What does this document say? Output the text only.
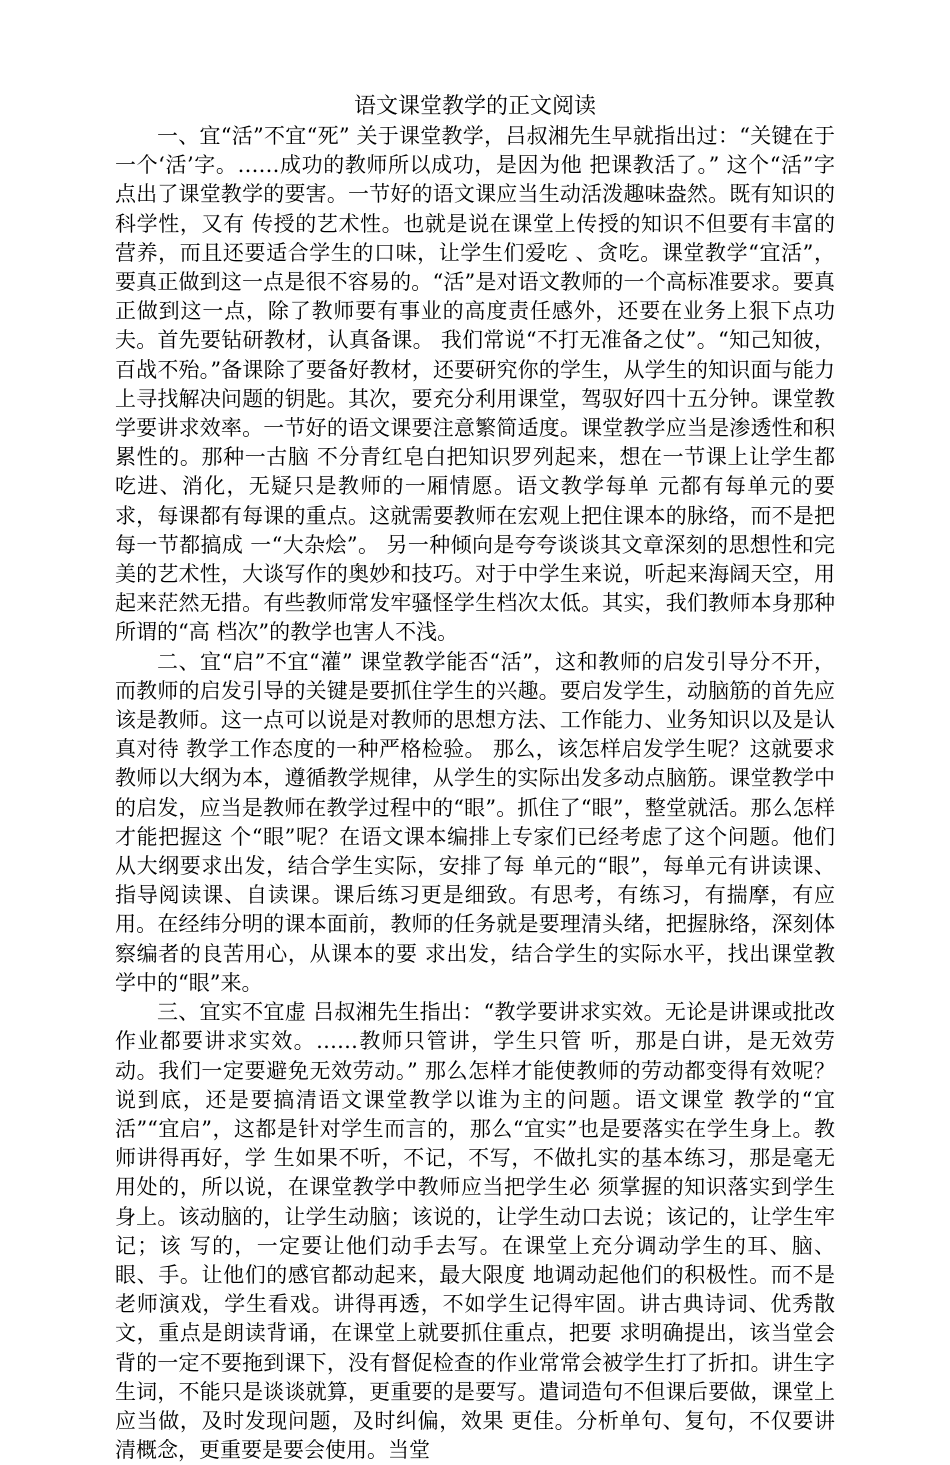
语文课堂教学的正文阅读

一、宜“活”不宜“死” 关于课堂教学，吕叔湘先生早就指出过：“关键在于一个‘活’字。……成功的教师所以成功，是因为他 把课教活了。” 这个“活”字点出了课堂教学的要害。一节好的语文课应当生动活泼趣味盎然。既有知识的科学性，又有 传授的艺术性。也就是说在课堂上传授的知识不但要有丰富的营养，而且还要适合学生的口味，让学生们爱吃 、贪吃。课堂教学“宜活”，要真正做到这一点是很不容易的。“活”是对语文教师的一个高标准要求。要真 正做到这一点，除了教师要有事业的高度责任感外，还要在业务上狠下点功夫。首先要钻研教材，认真备课。 我们常说“不打无准备之仗”。“知己知彼，百战不殆。”备课除了要备好教材，还要研究你的学生，从学生的知识面与能力上寻找解决问题的钥匙。其次，要充分利用课堂，驾驭好四十五分钟。课堂教学要讲求效率。一节好的语文课要注意繁简适度。课堂教学应当是渗透性和积累性的。那种一古脑 不分青红皂白把知识罗列起来，想在一节课上让学生都吃进、消化，无疑只是教师的一厢情愿。语文教学每单 元都有每单元的要求，每课都有每课的重点。这就需要教师在宏观上把住课本的脉络，而不是把每一节都搞成 一“大杂烩”。 另一种倾向是夸夸谈谈其文章深刻的思想性和完美的艺术性，大谈写作的奥妙和技巧。对于中学生来说，听起来海阔天空，用起来茫然无措。有些教师常发牢骚怪学生档次太低。其实，我们教师本身那种所谓的“高 档次”的教学也害人不浅。

二、宜“启”不宜“灌” 课堂教学能否“活”，这和教师的启发引导分不开，而教师的启发引导的关键是要抓住学生的兴趣。要启发学生，动脑筋的首先应该是教师。这一点可以说是对教师的思想方法、工作能力、业务知识以及是认真对待 教学工作态度的一种严格检验。 那么，该怎样启发学生呢？这就要求教师以大纲为本，遵循教学规律，从学生的实际出发多动点脑筋。课堂教学中的启发，应当是教师在教学过程中的“眼”。抓住了“眼”，整堂就活。那么怎样才能把握这 个“眼”呢？在语文课本编排上专家们已经考虑了这个问题。他们从大纲要求出发，结合学生实际，安排了每 单元的“眼”，每单元有讲读课、指导阅读课、自读课。课后练习更是细致。有思考，有练习，有揣摩，有应 用。在经纬分明的课本面前，教师的任务就是要理清头绪，把握脉络，深刻体察编者的良苦用心，从课本的要 求出发，结合学生的实际水平，找出课堂教学中的“眼”来。

三、宜实不宜虚 吕叔湘先生指出：“教学要讲求实效。无论是讲课或批改作业都要讲求实效。……教师只管讲，学生只管 听，那是白讲，是无效劳动。我们一定要避免无效劳动。” 那么怎样才能使教师的劳动都变得有效呢？说到底，还是要搞清语文课堂教学以谁为主的问题。语文课堂 教学的“宜活”“宜启”，这都是针对学生而言的，那么“宜实”也是要落实在学生身上。教师讲得再好，学 生如果不听，不记，不写，不做扎实的基本练习，那是毫无用处的，所以说，在课堂教学中教师应当把学生必 须掌握的知识落实到学生身上。该动脑的，让学生动脑；该说的，让学生动口去说；该记的，让学生牢记；该 写的，一定要让他们动手去写。在课堂上充分调动学生的耳、脑、眼、手。让他们的感官都动起来，最大限度 地调动起他们的积极性。而不是老师演戏，学生看戏。讲得再透，不如学生记得牢固。讲古典诗词、优秀散文，重点是朗读背诵，在课堂上就要抓住重点，把要 求明确提出，该当堂会背的一定不要拖到课下，没有督促检查的作业常常会被学生打了折扣。讲生字生词，不能只是谈谈就算，更重要的是要写。遣词造句不但课后要做，课堂上应当做，及时发现问题，及时纠偏，效果 更佳。分析单句、复句，不仅要讲清概念，更重要是要会使用。当堂
